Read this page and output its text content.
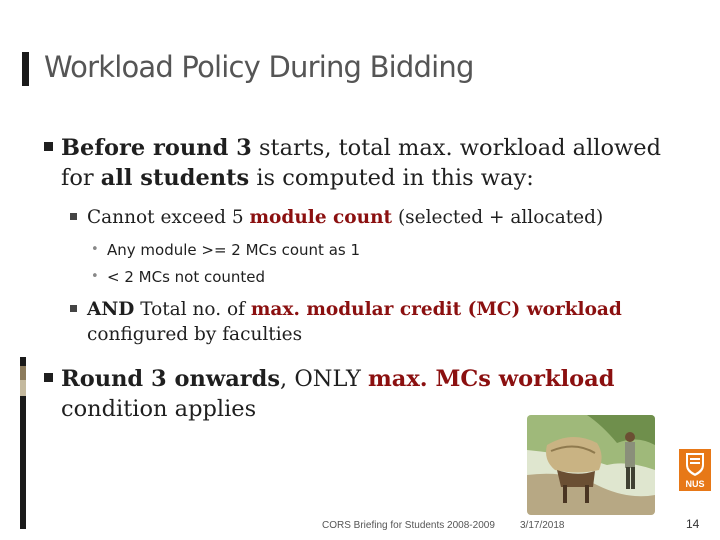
Workload Policy During Bidding
Before round 3 starts, total max. workload allowed for all students is computed in this way:
Cannot exceed 5 module count (selected + allocated)
• Any module >= 2 MCs count as 1
• < 2 MCs not counted
AND Total no. of max. modular credit (MC) workload configured by faculties
Round 3 onwards, ONLY max. MCs workload condition applies
NUS
CORS Briefing for Students 2008-2009	3/17/2018	14
